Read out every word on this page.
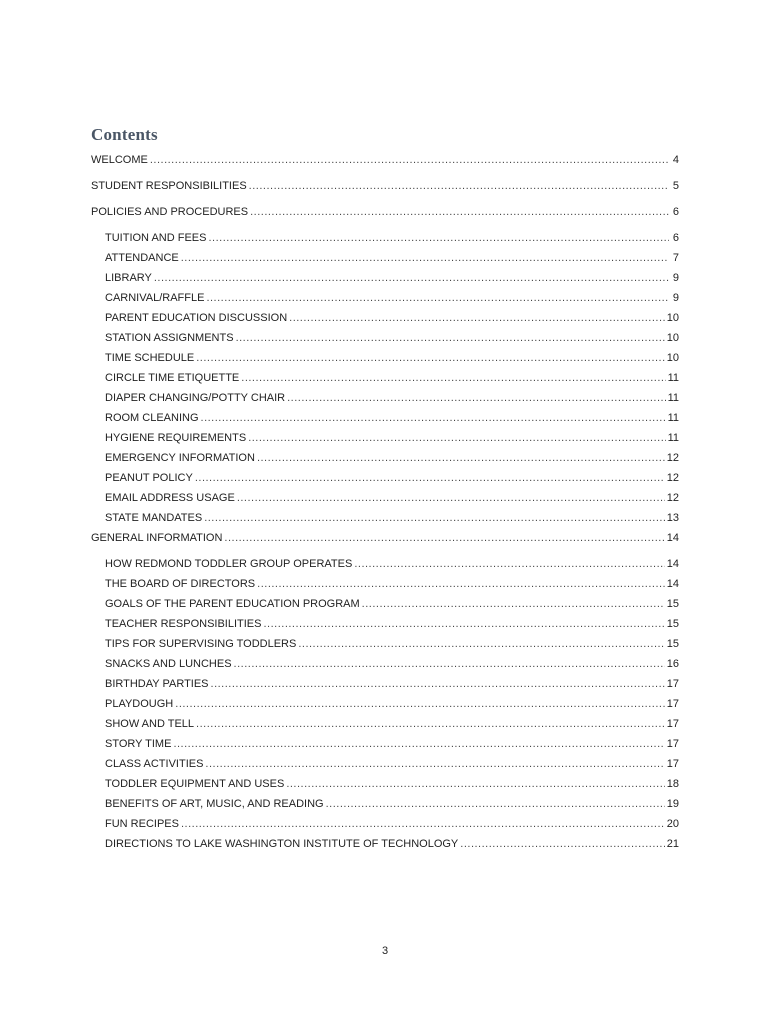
Contents
WELCOME .....	4
STUDENT RESPONSIBILITIES .....	5
POLICIES AND PROCEDURES .....	6
TUITION AND FEES .....	6
ATTENDANCE .....	7
LIBRARY .....	9
CARNIVAL/RAFFLE .....	9
PARENT EDUCATION DISCUSSION .....	10
STATION ASSIGNMENTS .....	10
TIME SCHEDULE .....	10
CIRCLE TIME ETIQUETTE .....	11
DIAPER CHANGING/POTTY CHAIR .....	11
ROOM CLEANING .....	11
HYGIENE REQUIREMENTS .....	11
EMERGENCY INFORMATION .....	12
PEANUT POLICY .....	12
EMAIL ADDRESS USAGE .....	12
STATE MANDATES .....	13
GENERAL INFORMATION .....	14
HOW REDMOND TODDLER GROUP OPERATES .....	14
THE BOARD OF DIRECTORS .....	14
GOALS OF THE PARENT EDUCATION PROGRAM .....	15
TEACHER RESPONSIBILITIES .....	15
TIPS FOR SUPERVISING TODDLERS .....	15
SNACKS AND LUNCHES .....	16
BIRTHDAY PARTIES .....	17
PLAYDOUGH .....	17
SHOW AND TELL .....	17
STORY TIME .....	17
CLASS ACTIVITIES .....	17
TODDLER EQUIPMENT AND USES .....	18
BENEFITS OF ART, MUSIC, AND READING .....	19
FUN RECIPES .....	20
DIRECTIONS TO LAKE WASHINGTON INSTITUTE OF TECHNOLOGY .....	21
3
